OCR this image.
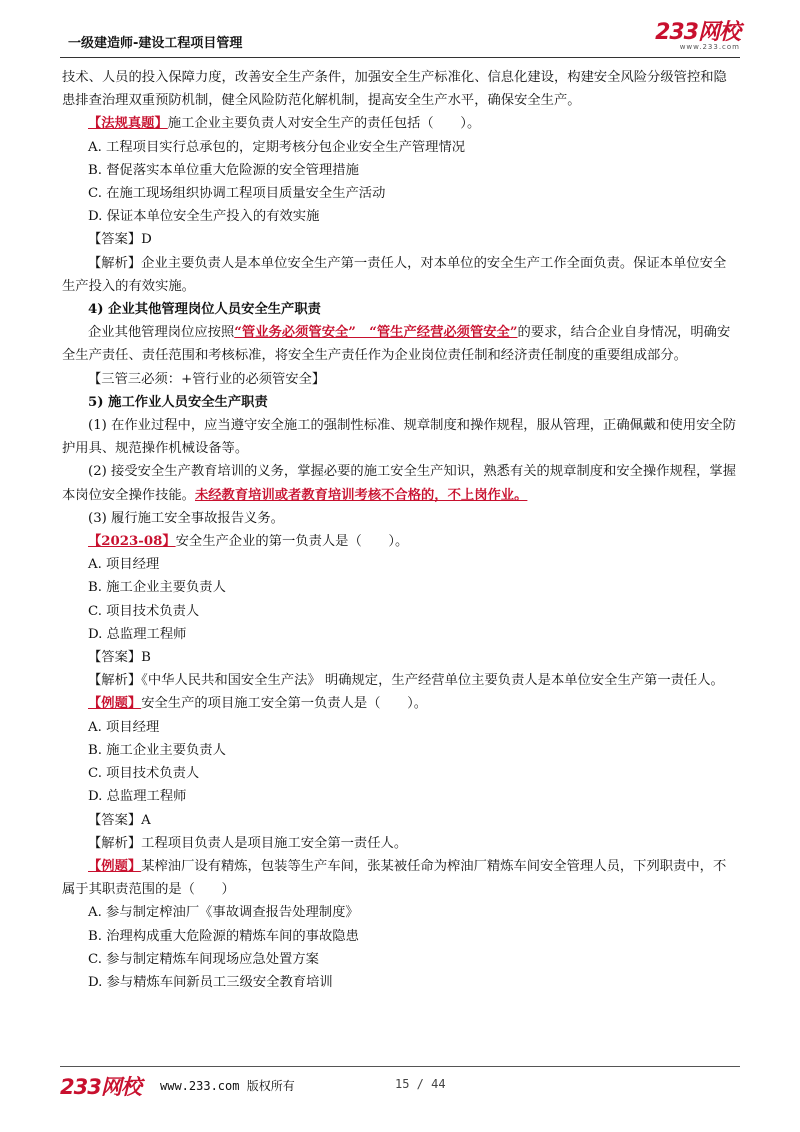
一级建造师-建设工程项目管理	233网校
www.233.com

技术、人员的投入保障力度，改善安全生产条件，加强安全生产标准化、信息化建设，构建安全风险分级管控和隐患排查治理双重预防机制，健全风险防范化解机制，提高安全生产水平，确保安全生产。

【法规真题】施工企业主要负责人对安全生产的责任包括（　　）。

A. 工程项目实行总承包的，定期考核分包企业安全生产管理情况

B. 督促落实本单位重大危险源的安全管理措施

C. 在施工现场组织协调工程项目质量安全生产活动

D. 保证本单位安全生产投入的有效实施

【答案】D

【解析】企业主要负责人是本单位安全生产第一责任人，对本单位的安全生产工作全面负责。保证本单位安全生产投入的有效实施。

4) 企业其他管理岗位人员安全生产职责

企业其他管理岗位应按照“管业务必须管安全”　“管生产经营必须管安全”的要求，结合企业自身情况，明确安全生产责任、责任范围和考核标准，将安全生产责任作为企业岗位责任制和经济责任制度的重要组成部分。

【三管三必须：+管行业的必须管安全】

5) 施工作业人员安全生产职责

(1) 在作业过程中，应当遵守安全施工的强制性标准、规章制度和操作规程，服从管理，正确佩戴和使用安全防护用具、规范操作机械设备等。

(2) 接受安全生产教育培训的义务，掌握必要的施工安全生产知识，熟悉有关的规章制度和安全操作规程，掌握本岗位安全操作技能。未经教育培训或者教育培训考核不合格的，不上岗作业。

(3) 履行施工安全事故报告义务。

【2023-08】安全生产企业的第一负责人是（　　）。

A. 项目经理

B. 施工企业主要负责人

C. 项目技术负责人

D. 总监理工程师

【答案】B

【解析】《中华人民共和国安全生产法》 明确规定，生产经营单位主要负责人是本单位安全生产第一责任人。

【例题】安全生产的项目施工安全第一负责人是（　　）。

A. 项目经理

B. 施工企业主要负责人

C. 项目技术负责人

D. 总监理工程师

【答案】A

【解析】工程项目负责人是项目施工安全第一责任人。

【例题】某榨油厂设有精炼，包装等生产车间，张某被任命为榨油厂精炼车间安全管理人员，下列职责中，不属于其职责范围的是（　　）

A. 参与制定榨油厂《事故调查报告处理制度》

B. 治理构成重大危险源的精炼车间的事故隐患

C. 参与制定精炼车间现场应急处置方案

D. 参与精炼车间新员工三级安全教育培训

233网校 www.233.com 版权所有	15 / 44
